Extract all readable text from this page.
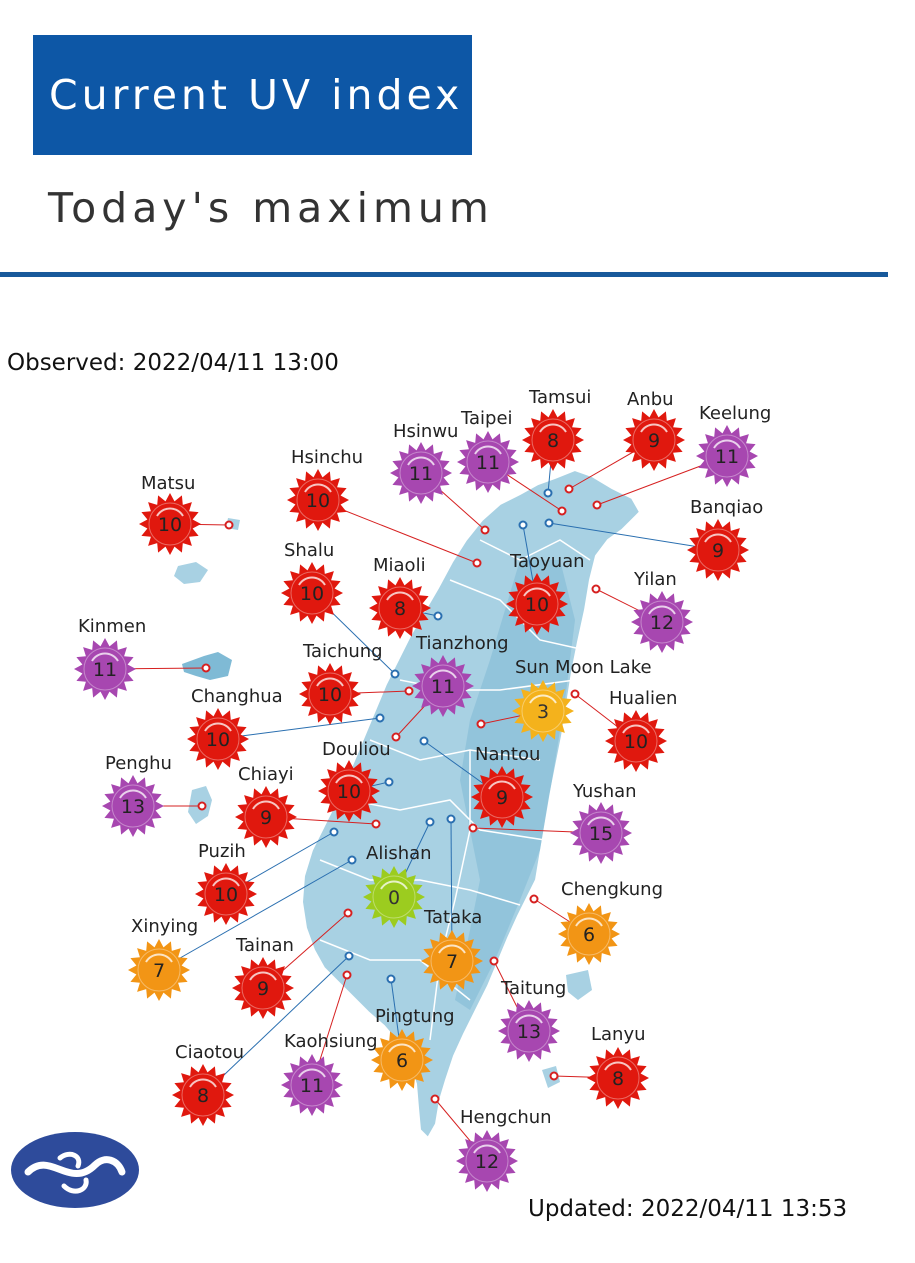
Current UV index
Today's maximum
Observed: 2022/04/11 13:00
8
Tamsui
9
Anbu
11
Keelung
11
Hsinwu
11
Taipei
10
Hsinchu
10
Matsu
9
Banqiao
10
Shalu
8
Miaoli
10
Taoyuan
12
Yilan
11
Kinmen
11
Tianzhong
10
Taichung
3
Sun Moon Lake
10
Changhua
10
Hualien
13
Penghu
9
Chiayi
10
Douliou
9
Nantou
15
Yushan
0
Alishan
10
Puzih
6
Chengkung
7
Xinying
9
Tainan
7
Tataka
13
Taitung
6
Pingtung
8
Ciaotou
11
Kaohsiung
8
Lanyu
12
Hengchun
Updated: 2022/04/11 13:53
